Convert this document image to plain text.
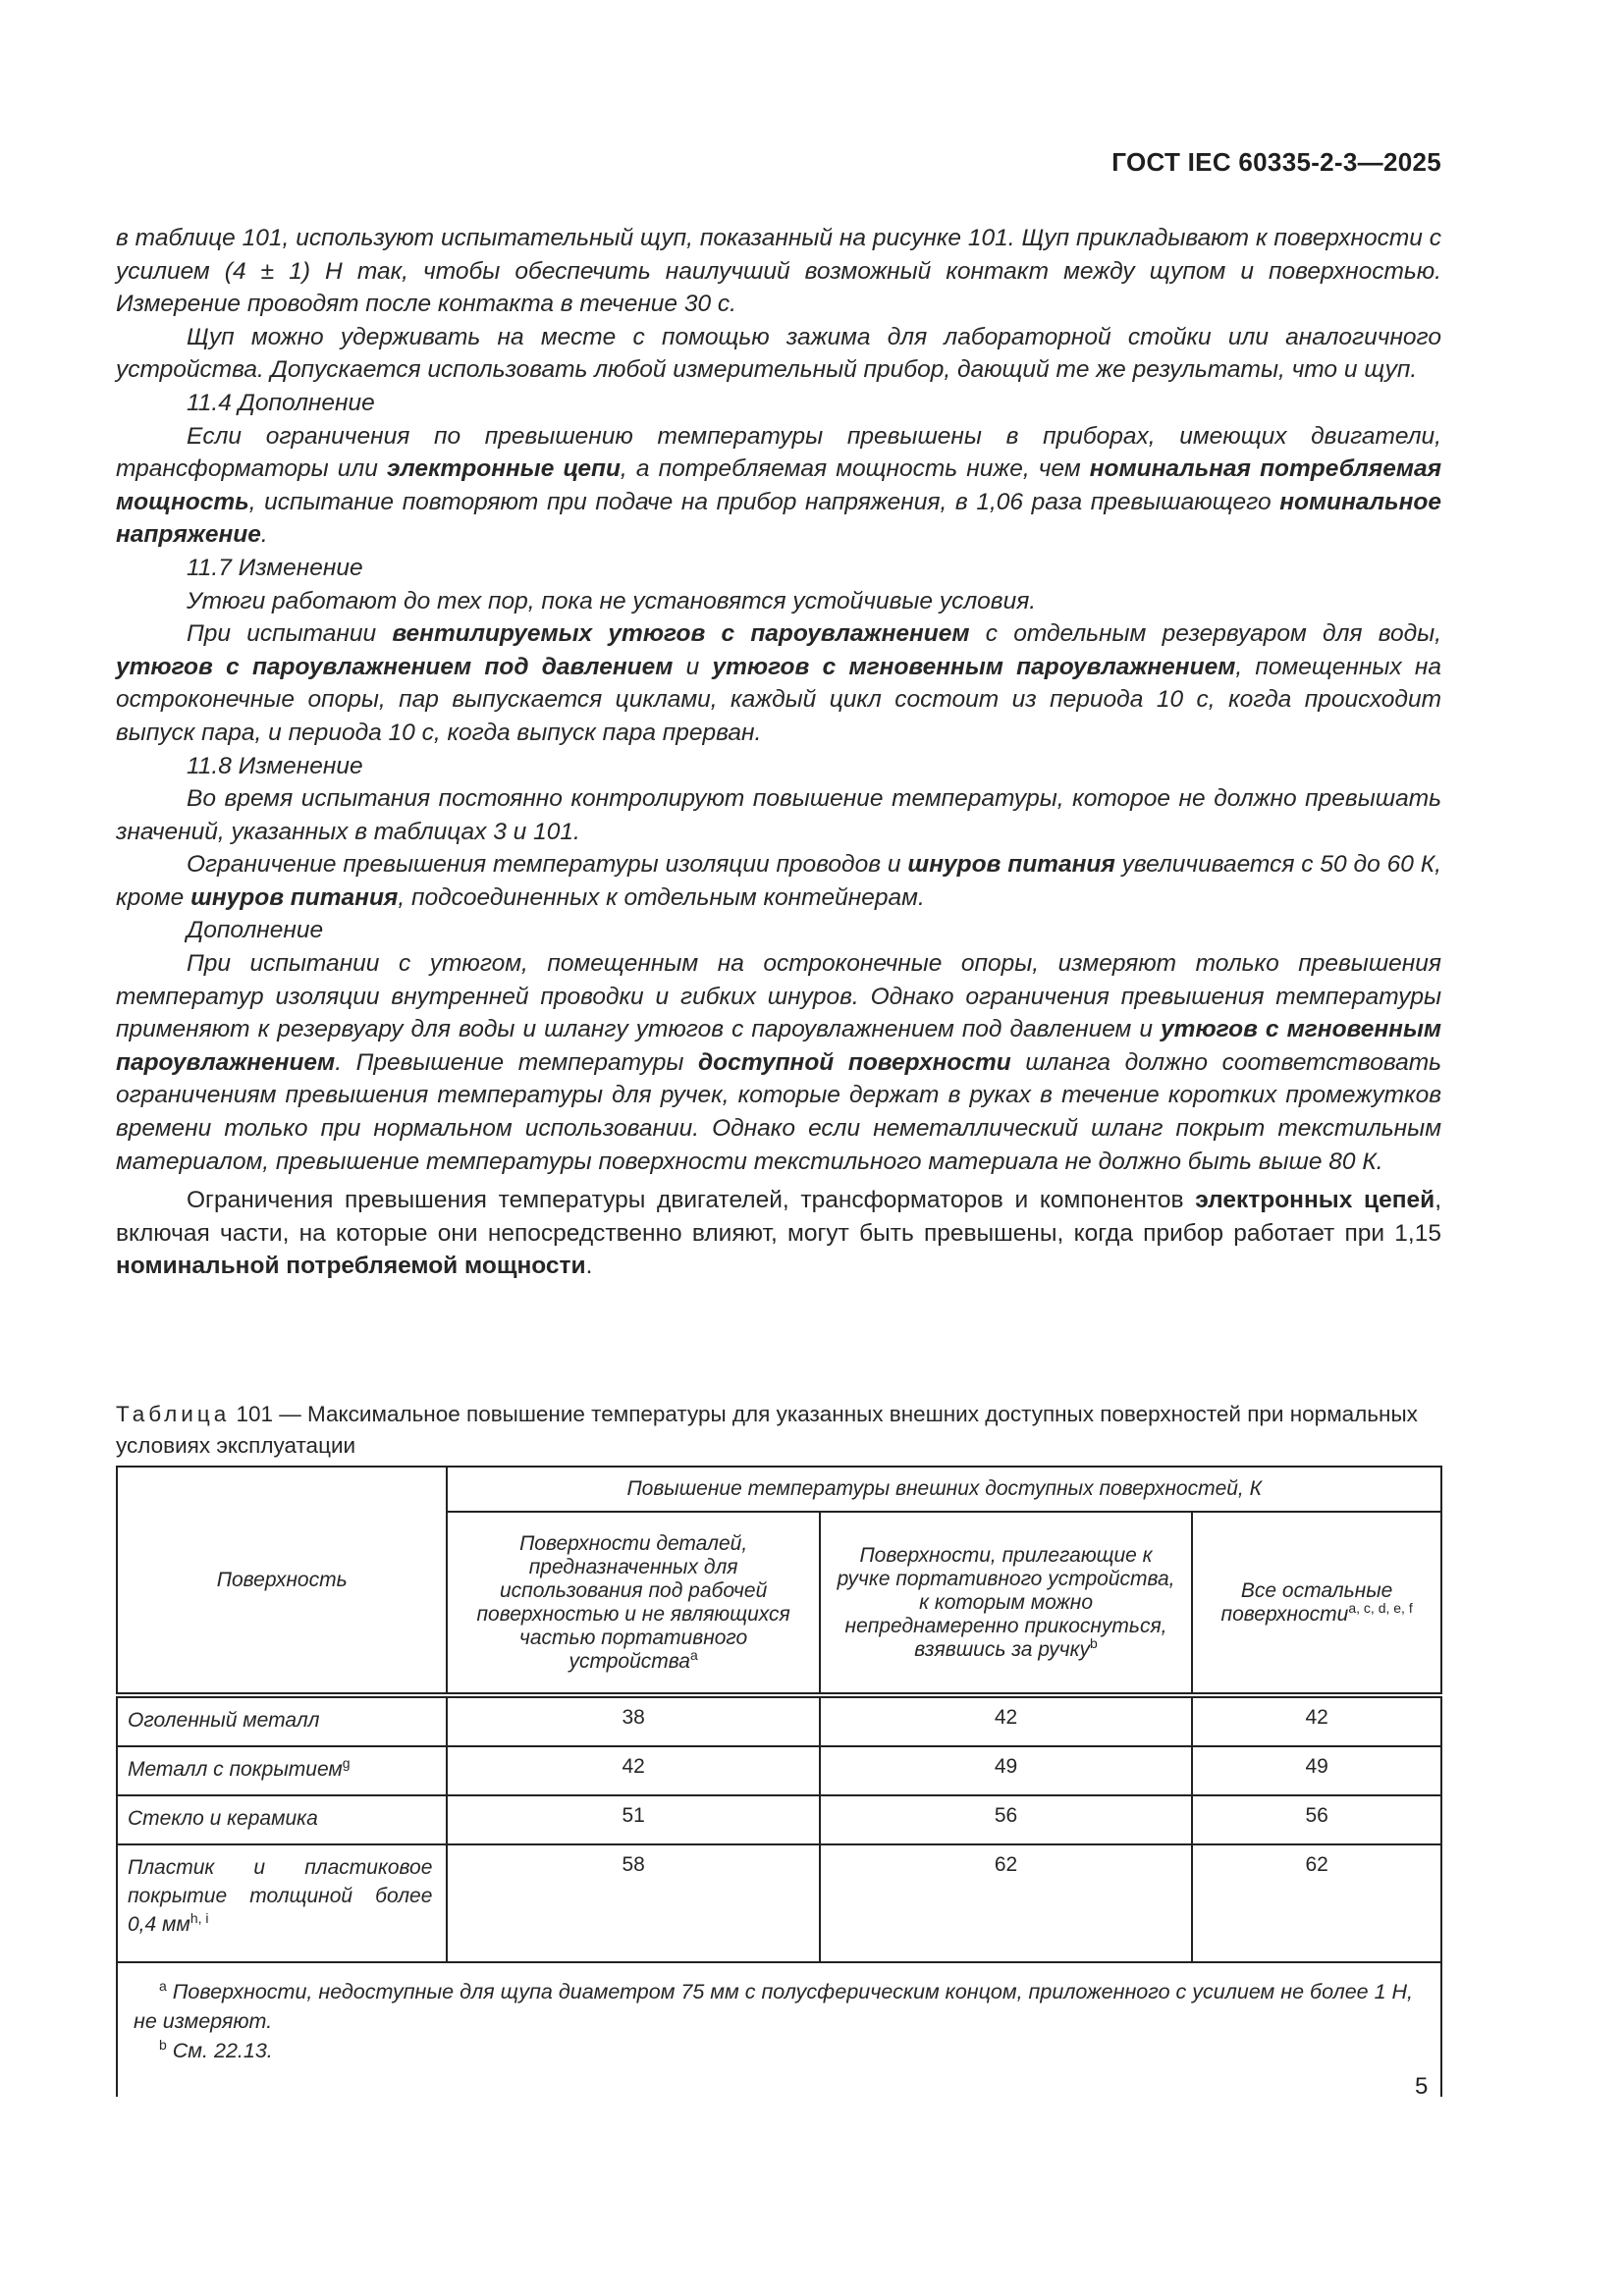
ГОСТ IEC 60335-2-3—2025

в таблице 101, используют испытательный щуп, показанный на рисунке 101. Щуп прикладывают к поверхности с усилием (4 ± 1) Н так, чтобы обеспечить наилучший возможный контакт между щупом и поверхностью. Измерение проводят после контакта в течение 30 с.

Щуп можно удерживать на месте с помощью зажима для лабораторной стойки или аналогичного устройства. Допускается использовать любой измерительный прибор, дающий те же результаты, что и щуп.

11.4 Дополнение

Если ограничения по превышению температуры превышены в приборах, имеющих двигатели, трансформаторы или электронные цепи, а потребляемая мощность ниже, чем номинальная потребляемая мощность, испытание повторяют при подаче на прибор напряжения, в 1,06 раза превышающего номинальное напряжение.

11.7 Изменение

Утюги работают до тех пор, пока не установятся устойчивые условия.

При испытании вентилируемых утюгов с пароувлажнением с отдельным резервуаром для воды, утюгов с пароувлажнением под давлением и утюгов с мгновенным пароувлажнением, помещенных на остроконечные опоры, пар выпускается циклами, каждый цикл состоит из периода 10 с, когда происходит выпуск пара, и периода 10 с, когда выпуск пара прерван.

11.8 Изменение

Во время испытания постоянно контролируют повышение температуры, которое не должно превышать значений, указанных в таблицах 3 и 101.

Ограничение превышения температуры изоляции проводов и шнуров питания увеличивается с 50 до 60 К, кроме шнуров питания, подсоединенных к отдельным контейнерам.

Дополнение

При испытании с утюгом, помещенным на остроконечные опоры, измеряют только превышения температур изоляции внутренней проводки и гибких шнуров. Однако ограничения превышения температуры применяют к резервуару для воды и шлангу утюгов с пароувлажнением под давлением и утюгов с мгновенным пароувлажнением. Превышение температуры доступной поверхности шланга должно соответствовать ограничениям превышения температуры для ручек, которые держат в руках в течение коротких промежутков времени только при нормальном использовании. Однако если неметаллический шланг покрыт текстильным материалом, превышение температуры поверхности текстильного материала не должно быть выше 80 К.

Ограничения превышения температуры двигателей, трансформаторов и компонентов электронных цепей, включая части, на которые они непосредственно влияют, могут быть превышены, когда прибор работает при 1,15 номинальной потребляемой мощности.

Таблица 101 — Максимальное повышение температуры для указанных внешних доступных поверхностей при нормальных условиях эксплуатации
Поверхность	Повышение температуры внешних доступных поверхностей, К		
	Поверхности деталей, предназначенных для использования под рабочей поверхностью и не являющихся частью портативного устройства$^a$	Поверхности, прилегающие к ручке портативного устройства, к которым можно непреднамеренно прикоснуться, взявшись за ручку$^b$	Все остальные поверхности$^{a, c, d, e, f}$
Оголенный металл	38	42	42
Металл с покрытием$^g$	42	49	49
Стекло и керамика	51	56	56
Пластик и пластиковое покрытие толщиной более 0,4 мм$^{h, i}$	58	62	62

$^a$ Поверхности, недоступные для щупа диаметром 75 мм с полусферическим концом, приложенного с усилием не более 1 Н, не измеряют.

$^b$ См. 22.13.			

5
